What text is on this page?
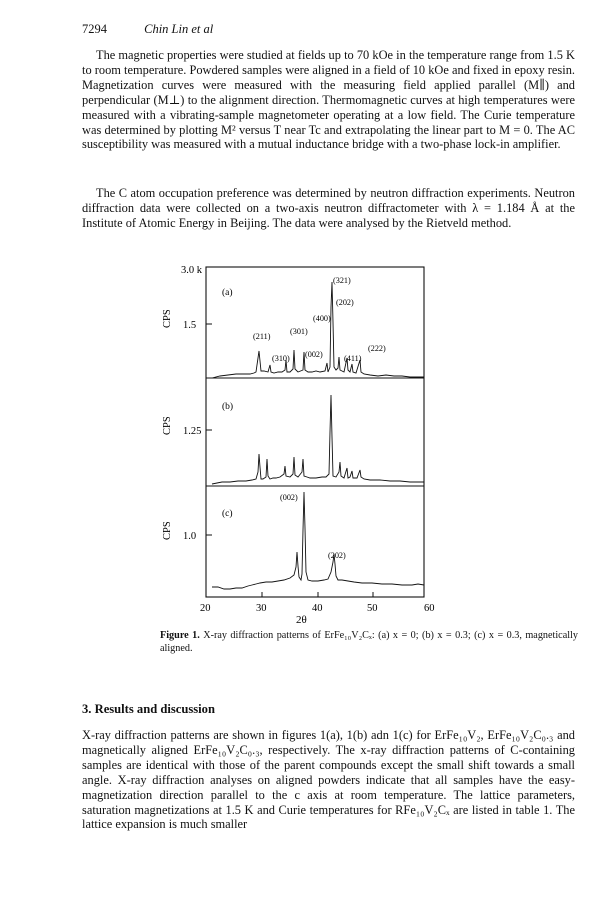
7294	Chin Lin et al

The magnetic properties were studied at fields up to 70 kOe in the temperature range from 1.5 K to room temperature. Powdered samples were aligned in a field of 10 kOe and fixed in epoxy resin. Magnetization curves were measured with the measuring field applied parallel (M∥) and perpendicular (M⊥) to the alignment direction. Thermomagnetic curves at high temperatures were measured with a vibrating-sample magnetometer operating at a low field. The Curie temperature was determined by plotting M² versus T near Tc and extrapolating the linear part to M = 0. The AC susceptibility was measured with a mutual inductance bridge with a two-phase lock-in amplifier.

The C atom occupation preference was determined by neutron diffraction experiments. Neutron diffraction data were collected on a two-axis neutron diffractometer with λ = 1.184 Å at the Institute of Atomic Energy in Beijing. The data were analysed by the Rietveld method.

3.0 k
1.5
1.25
1.0
CPS
CPS
CPS
20	30	40	50	60
2θ
(a)
(b)
(c)
(211)
(310)
(301)
(002)
(400)
(321)
(202)
(411)
(222)
(002)
(202)
Figure 1. X-ray diffraction patterns of ErFe₁₀V₂Cₓ: (a) x = 0; (b) x = 0.3; (c) x = 0.3, magnetically aligned.
3. Results and discussion

X-ray diffraction patterns are shown in figures 1(a), 1(b) adn 1(c) for ErFe₁₀V₂, ErFe₁₀V₂C₀.₃ and magnetically aligned ErFe₁₀V₂C₀.₃, respectively. The x-ray diffraction patterns of C-containing samples are identical with those of the parent compounds except the small shift towards a small angle. X-ray diffraction analyses on aligned powders indicate that all samples have the easy-magnetization direction parallel to the c axis at room temperature. The lattice parameters, saturation magnetizations at 1.5 K and Curie temperatures for RFe₁₀V₂Cₓ are listed in table 1. The lattice expansion is much smaller
